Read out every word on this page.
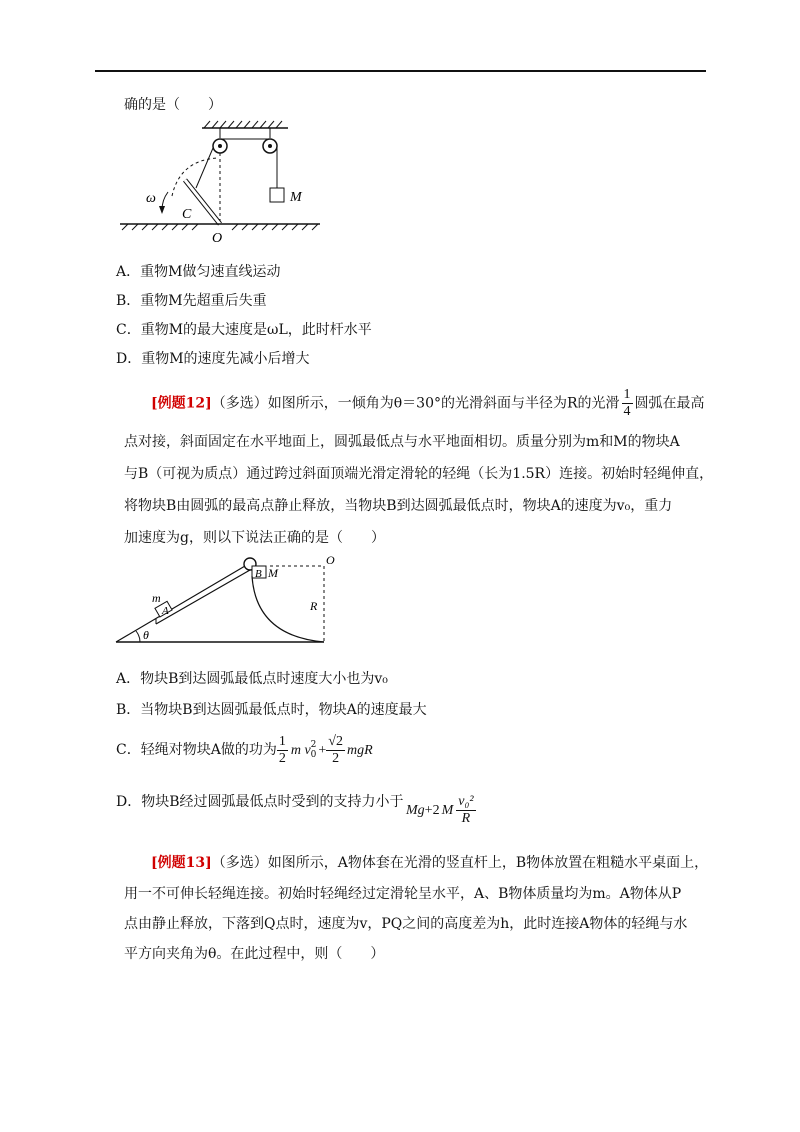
确的是（　　）
M
ω
C
O
A．重物M做匀速直线运动
B．重物M先超重后失重
C．重物M的最大速度是ωL，此时杆水平
D．重物M的速度先减小后增大
[例题12]（多选）如图所示，一倾角为θ＝30°的光滑斜面与半径为R的光滑 $\frac{1}{4}$ 圆弧在最高
点对接，斜面固定在水平地面上，圆弧最低点与水平地面相切。质量分别为m和M的物块A
与B（可视为质点）通过跨过斜面顶端光滑定滑轮的轻绳（长为1.5R）连接。初始时轻绳伸直，
将物块B由圆弧的最高点静止释放，当物块B到达圆弧最低点时，物块A的速度为v₀，重力
加速度为g，则以下说法正确的是（　　）
θ
A
m
B M
O
R
A．物块B到达圆弧最低点时速度大小也为v₀
B．当物块B到达圆弧最低点时，物块A的速度最大
C．轻绳对物块A做的功为 $\frac{1}{2}$ m v 2
$0 + \frac{√2}{2}$ mgR
D．物块B经过圆弧最低点时受到的支持力小于
Mg+2 M $\frac{\text{v₀²}}{R}$
[例题13]（多选）如图所示，A物体套在光滑的竖直杆上，B物体放置在粗糙水平桌面上，
用一不可伸长轻绳连接。初始时轻绳经过定滑轮呈水平，A、B物体质量均为m。A物体从P
点由静止释放，下落到Q点时，速度为v，PQ之间的高度差为h，此时连接A物体的轻绳与水
平方向夹角为θ。在此过程中，则（　　）
